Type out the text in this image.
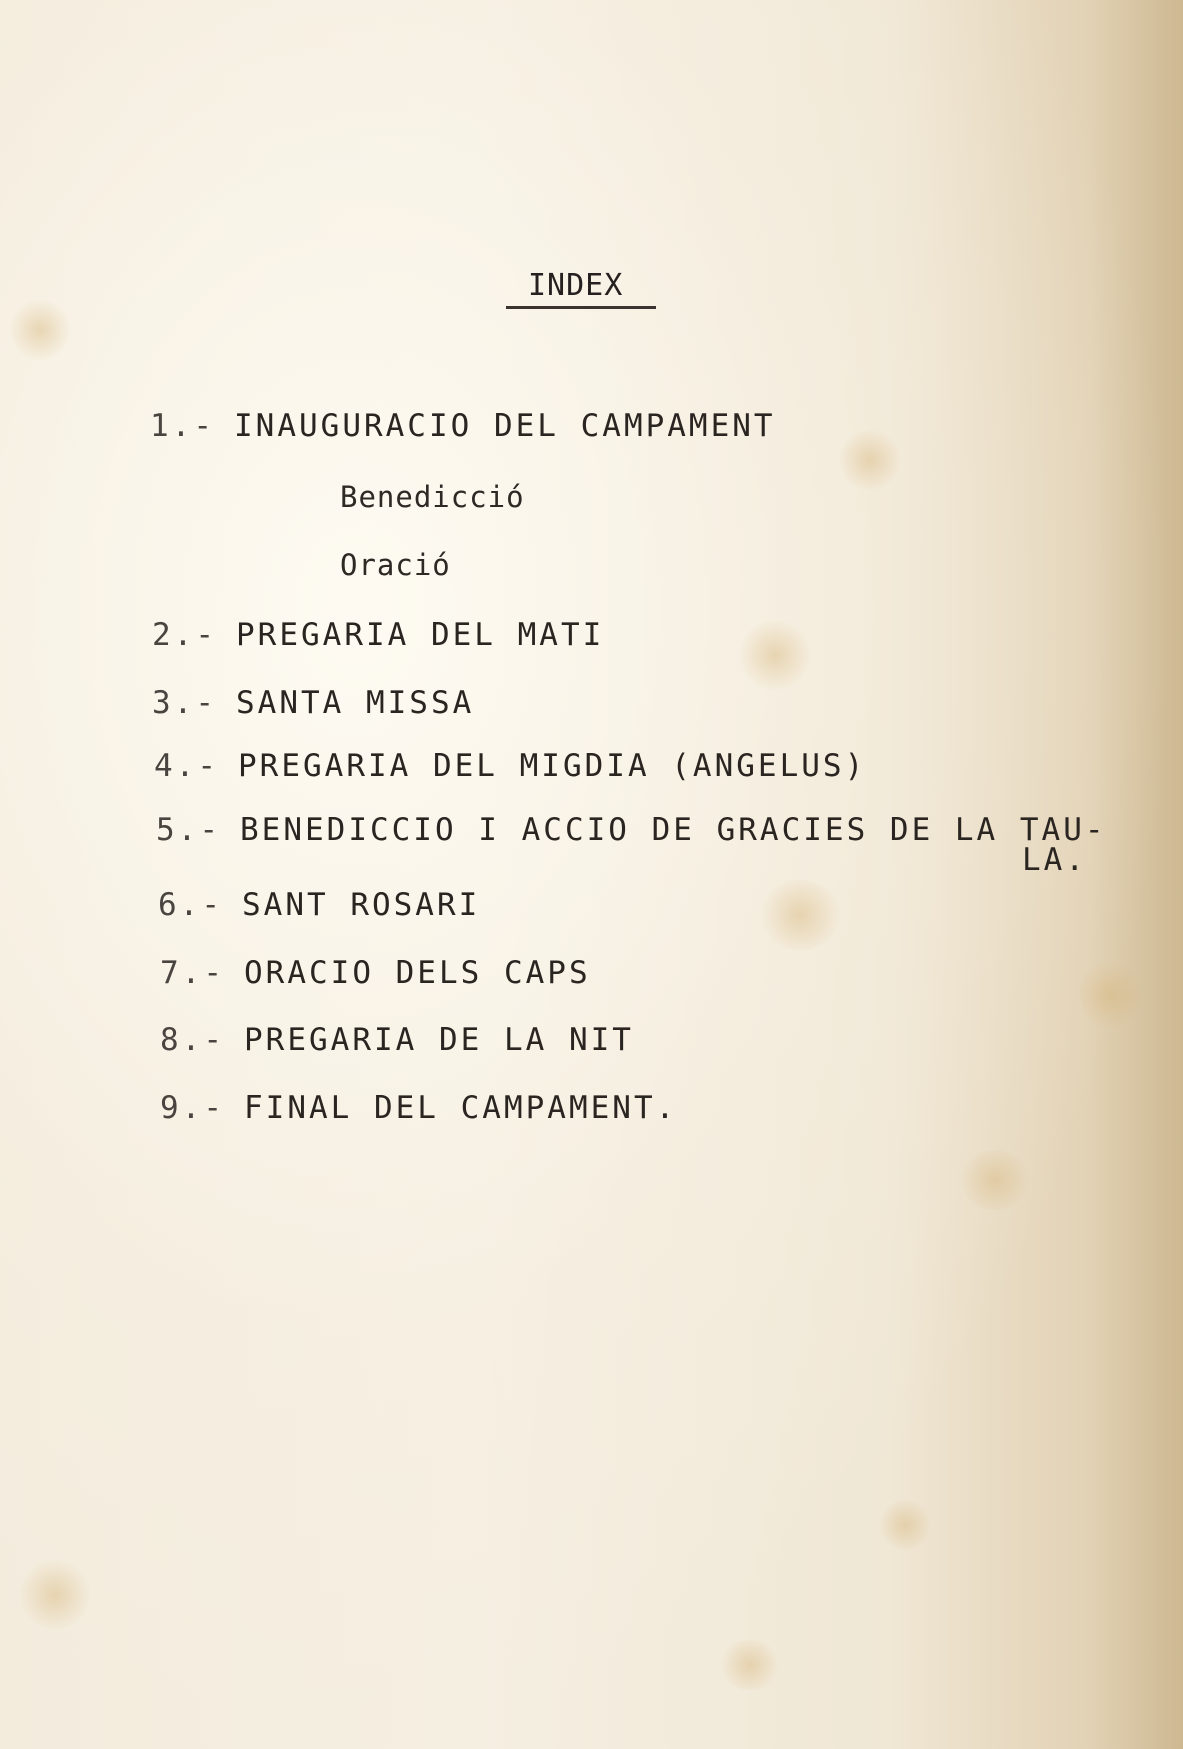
INDEX
1.- INAUGURACIO DEL CAMPAMENT
Benedicció
Oració
2.- PREGARIA DEL MATI
3.- SANTA MISSA
4.- PREGARIA DEL MIGDIA (ANGELUS)
5.- BENEDICCIO I ACCIO DE GRACIES DE LA TAU-
LA.
6.- SANT ROSARI
7.- ORACIO DELS CAPS
8.- PREGARIA DE LA NIT
9.- FINAL DEL CAMPAMENT.
